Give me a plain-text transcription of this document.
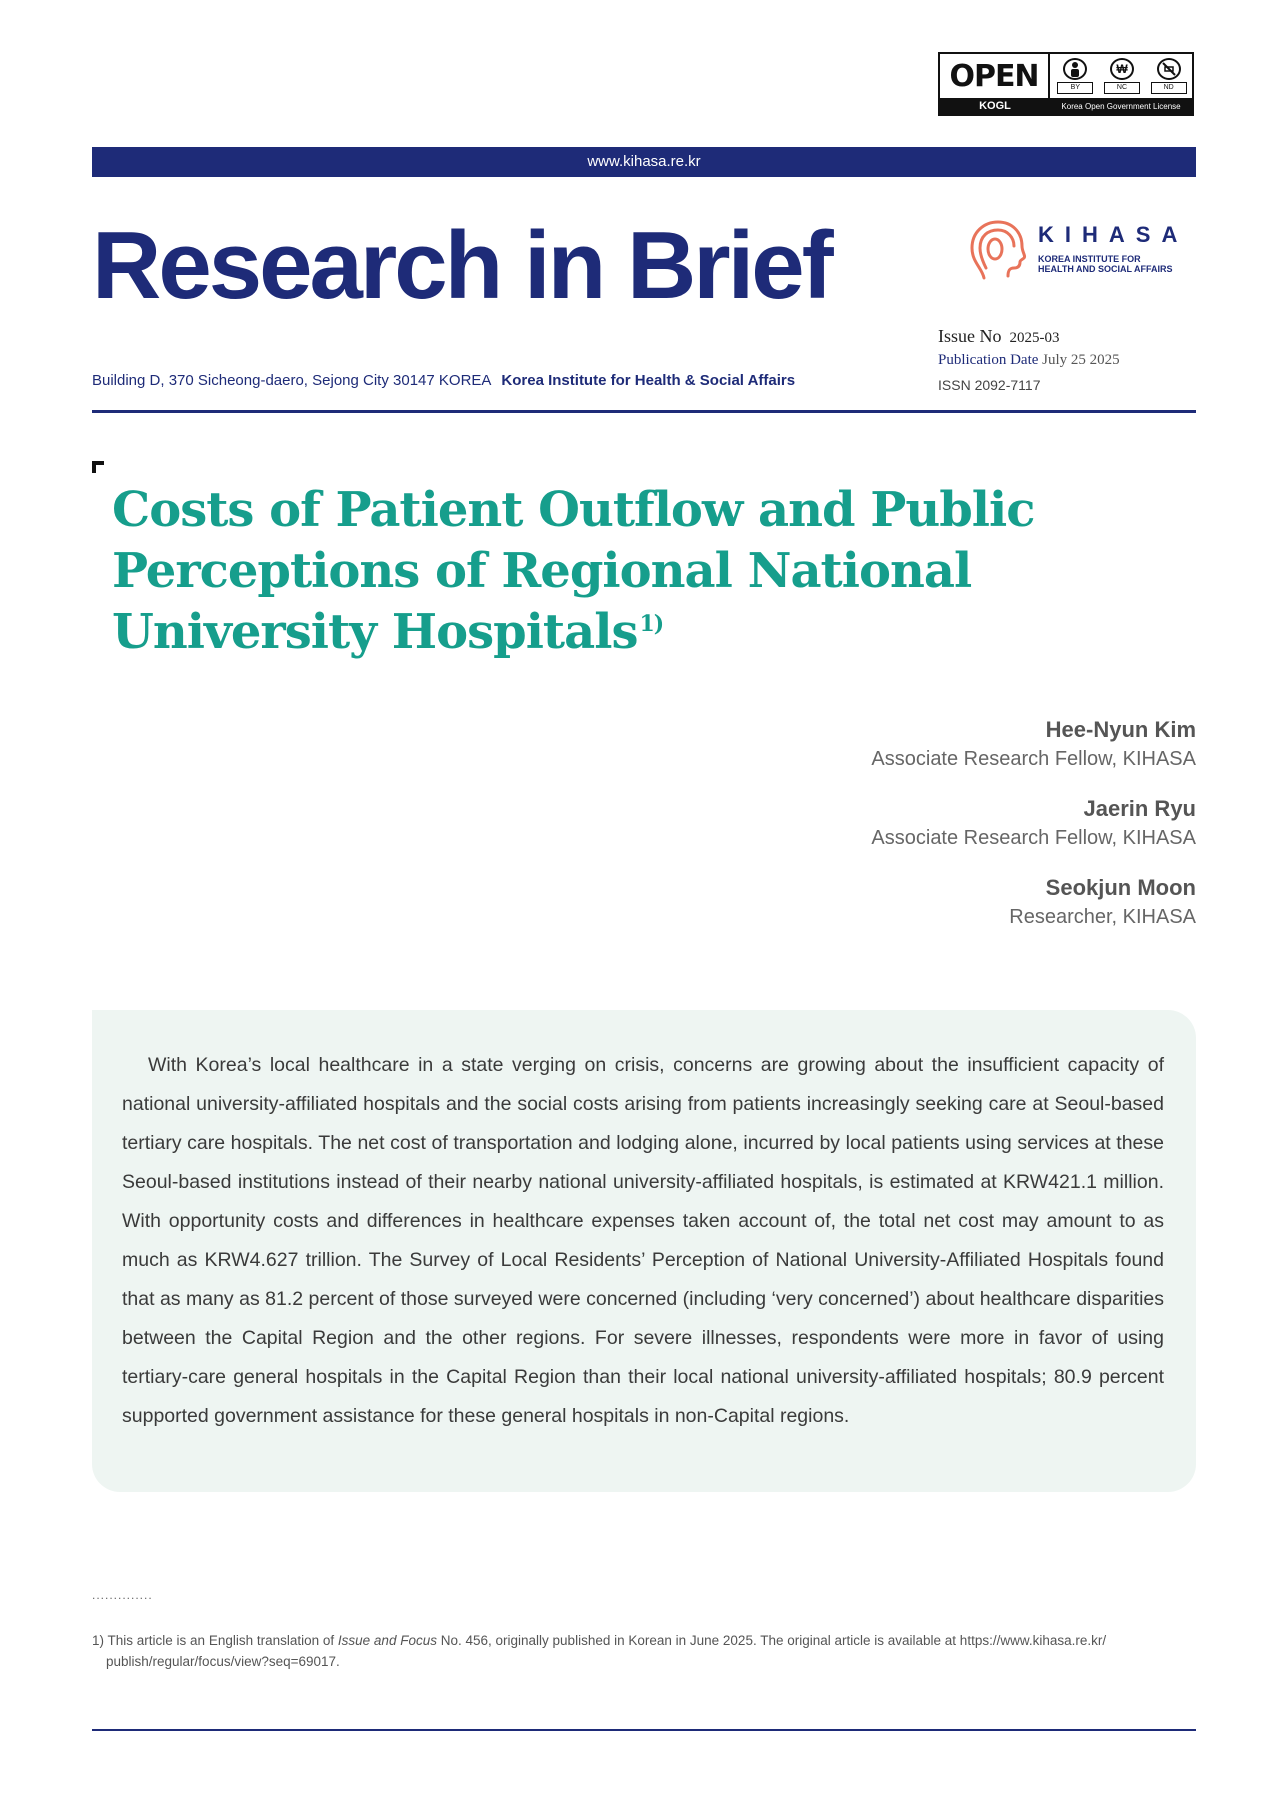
OPEN	BY
₩
NC	ND
KOGL	Korea Open Government License
www.kihasa.re.kr
Research in Brief	KIHASA
KOREA INSTITUTE FOR
HEALTH AND SOCIAL AFFAIRS
Issue No 2025-03
Publication Date July 25 2025
ISSN 2092-7117
Building D, 370 Sicheong-daero, Sejong City 30147 KOREA Korea Institute for Health & Social Affairs
Costs of Patient Outflow and Public Perceptions of Regional National University Hospitals$^{1)}$
Hee-Nyun Kim
Associate Research Fellow, KIHASA
Jaerin Ryu
Associate Research Fellow, KIHASA
Seokjun Moon
Researcher, KIHASA

With Korea’s local healthcare in a state verging on crisis, concerns are growing about the insufficient capacity of national university-affiliated hospitals and the social costs arising from patients increasingly seeking care at Seoul-based tertiary care hospitals. The net cost of transportation and lodging alone, incurred by local patients using services at these Seoul-based institutions instead of their nearby national university-affiliated hospitals, is estimated at KRW421.1 million. With opportunity costs and differences in healthcare expenses taken account of, the total net cost may amount to as much as KRW4.627 trillion. The Survey of Local Residents’ Perception of National University-Affiliated Hospitals found that as many as 81.2 percent of those surveyed were concerned (including ‘very concerned’) about healthcare disparities between the Capital Region and the other regions. For severe illnesses, respondents were more in favor of using tertiary-care general hospitals in the Capital Region than their local national university-affiliated hospitals; 80.9 percent supported government assistance for these general hospitals in non-Capital regions.

..............
1) This article is an English translation of Issue and Focus No. 456, originally published in Korean in June 2025. The original article is available at https://www.kihasa.re.kr/
publish/regular/focus/view?seq=69017.
